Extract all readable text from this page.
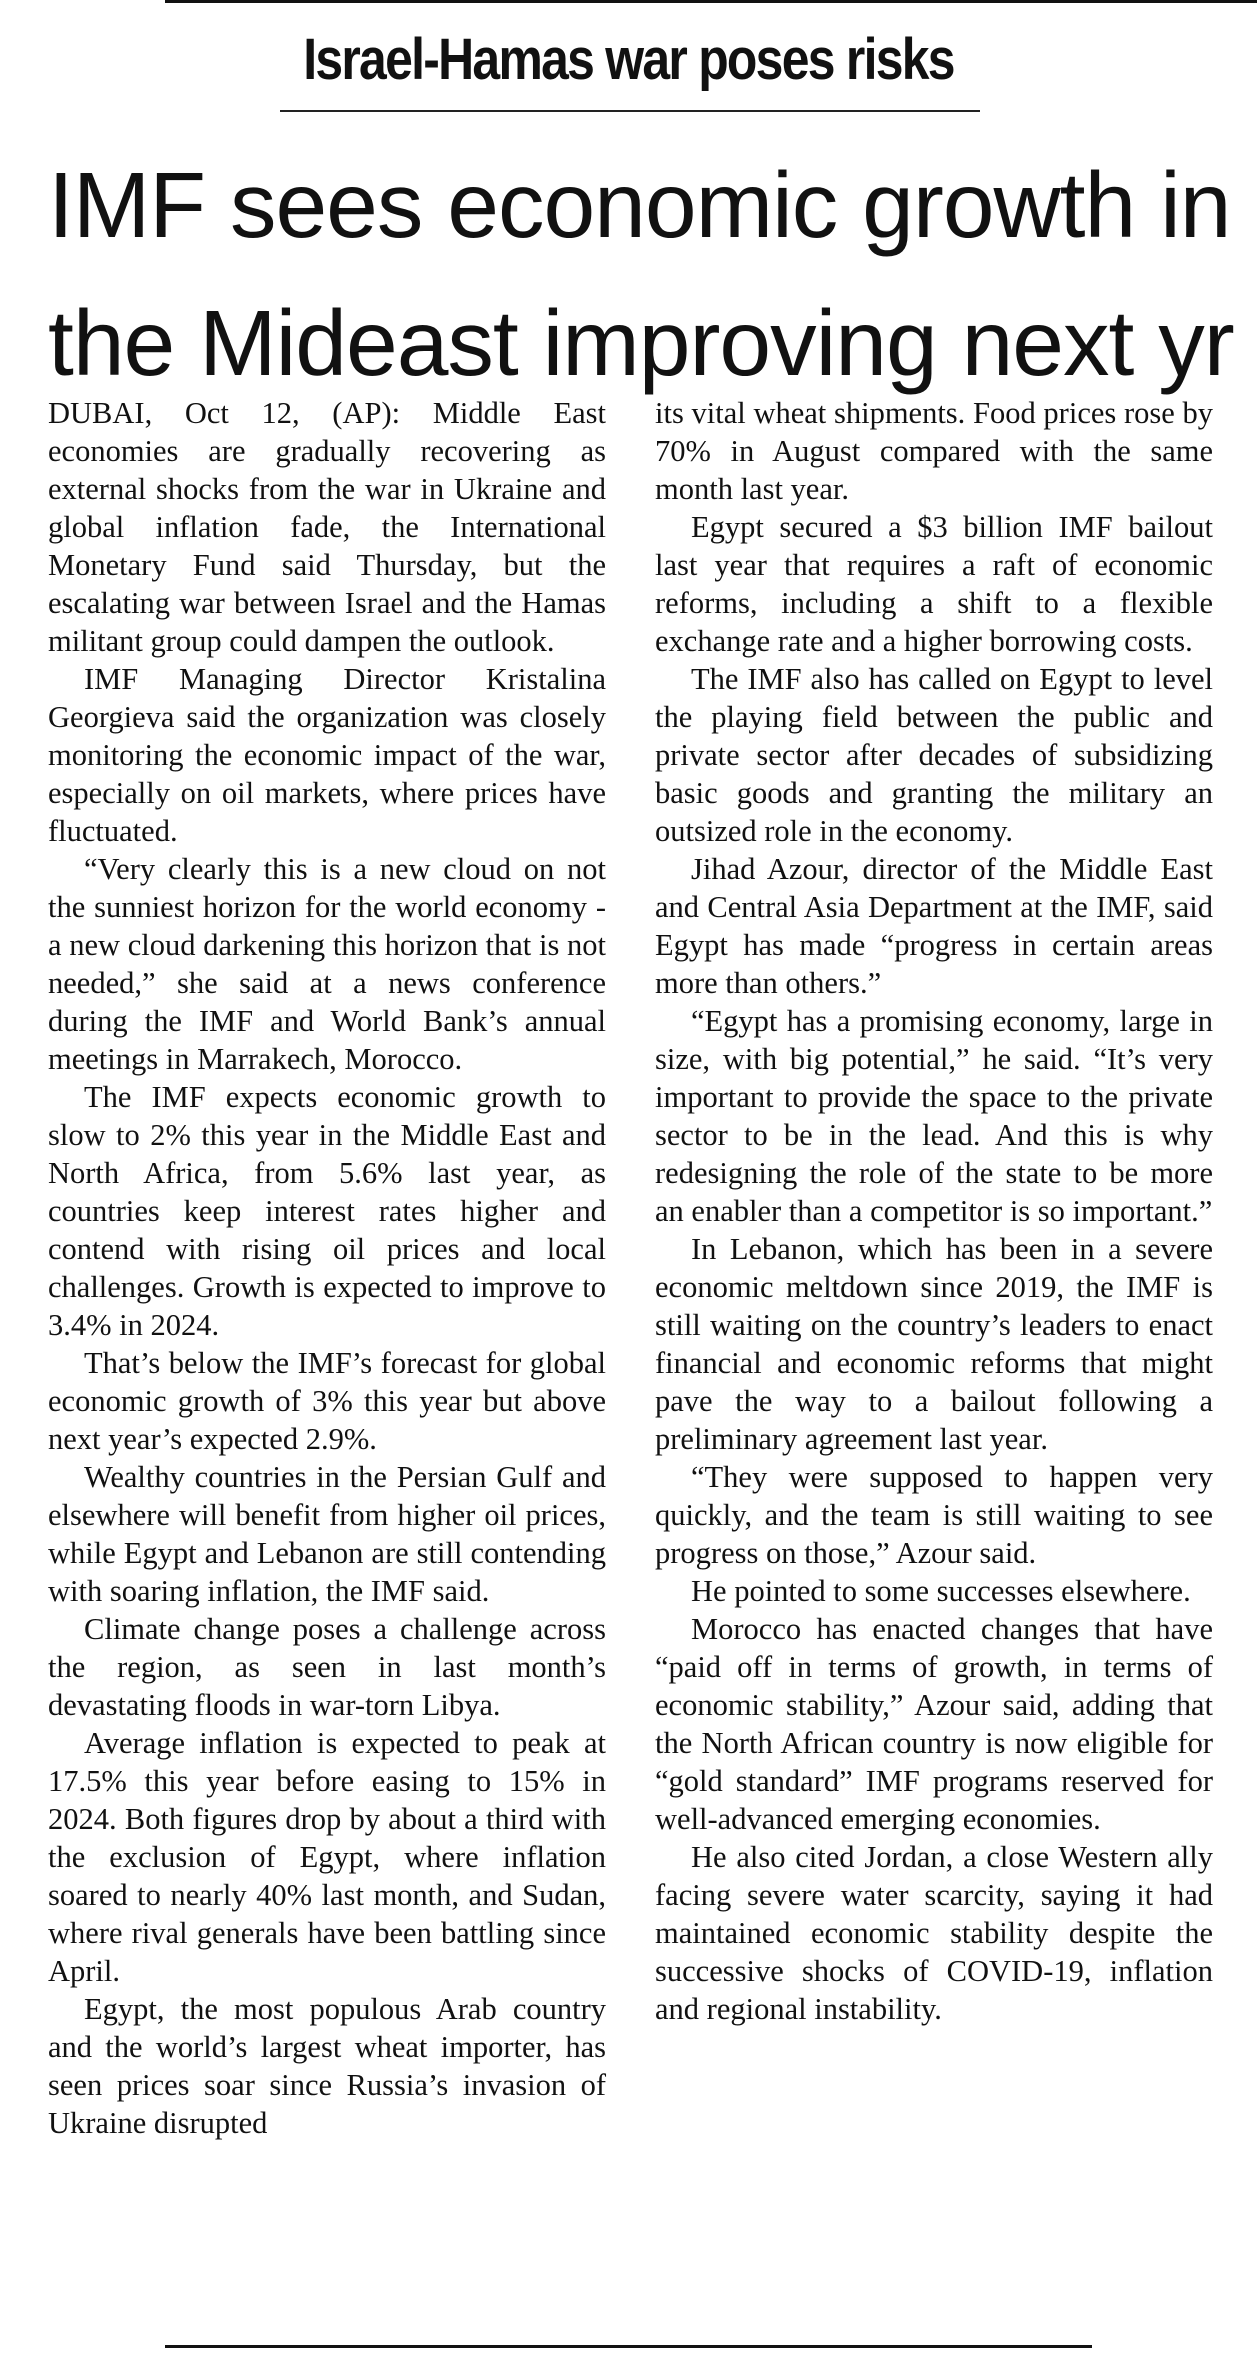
Israel-Hamas war poses risks
IMF sees economic growth in
the Mideast improving next yr

DUBAI, Oct 12, (AP): Middle East economies are gradually recovering as external shocks from the war in Ukraine and global inflation fade, the International Monetary Fund said Thursday, but the escalating war between Israel and the Hamas militant group could dampen the outlook.

IMF Managing Director Kristalina Georgieva said the organization was closely monitoring the economic impact of the war, especially on oil markets, where prices have fluctuated.

“Very clearly this is a new cloud on not the sunniest horizon for the world economy - a new cloud darkening this horizon that is not needed,” she said at a news conference during the IMF and World Bank’s annual meetings in Marrakech, Morocco.

The IMF expects economic growth to slow to 2% this year in the Middle East and North Africa, from 5.6% last year, as countries keep interest rates higher and contend with rising oil prices and local challenges. Growth is expected to improve to 3.4% in 2024.

That’s below the IMF’s forecast for global economic growth of 3% this year but above next year’s expected 2.9%.

Wealthy countries in the Persian Gulf and elsewhere will benefit from higher oil prices, while Egypt and Lebanon are still contending with soaring inflation, the IMF said.

Climate change poses a challenge across the region, as seen in last month’s devastating floods in war-torn Libya.

Average inflation is expected to peak at 17.5% this year before easing to 15% in 2024. Both figures drop by about a third with the exclusion of Egypt, where inflation soared to nearly 40% last month, and Sudan, where rival generals have been battling since April.

Egypt, the most populous Arab country and the world’s largest wheat importer, has seen prices soar since Russia’s invasion of Ukraine disrupted

its vital wheat shipments. Food prices rose by 70% in August compared with the same month last year.

Egypt secured a $3 billion IMF bailout last year that requires a raft of economic reforms, including a shift to a flexible exchange rate and a higher borrowing costs.

The IMF also has called on Egypt to level the playing field between the public and private sector after decades of subsidizing basic goods and granting the military an outsized role in the economy.

Jihad Azour, director of the Middle East and Central Asia Department at the IMF, said Egypt has made “progress in certain areas more than others.”

“Egypt has a promising economy, large in size, with big potential,” he said. “It’s very important to provide the space to the private sector to be in the lead. And this is why redesigning the role of the state to be more an enabler than a competitor is so important.”

In Lebanon, which has been in a severe economic meltdown since 2019, the IMF is still waiting on the country’s leaders to enact financial and economic reforms that might pave the way to a bailout following a preliminary agreement last year.

“They were supposed to happen very quickly, and the team is still waiting to see progress on those,” Azour said.

He pointed to some successes elsewhere.

Morocco has enacted changes that have “paid off in terms of growth, in terms of economic stability,” Azour said, adding that the North African country is now eligible for “gold standard” IMF programs reserved for well-advanced emerging economies.

He also cited Jordan, a close Western ally facing severe water scarcity, saying it had maintained economic stability despite the successive shocks of COVID-19, inflation and regional instability.
